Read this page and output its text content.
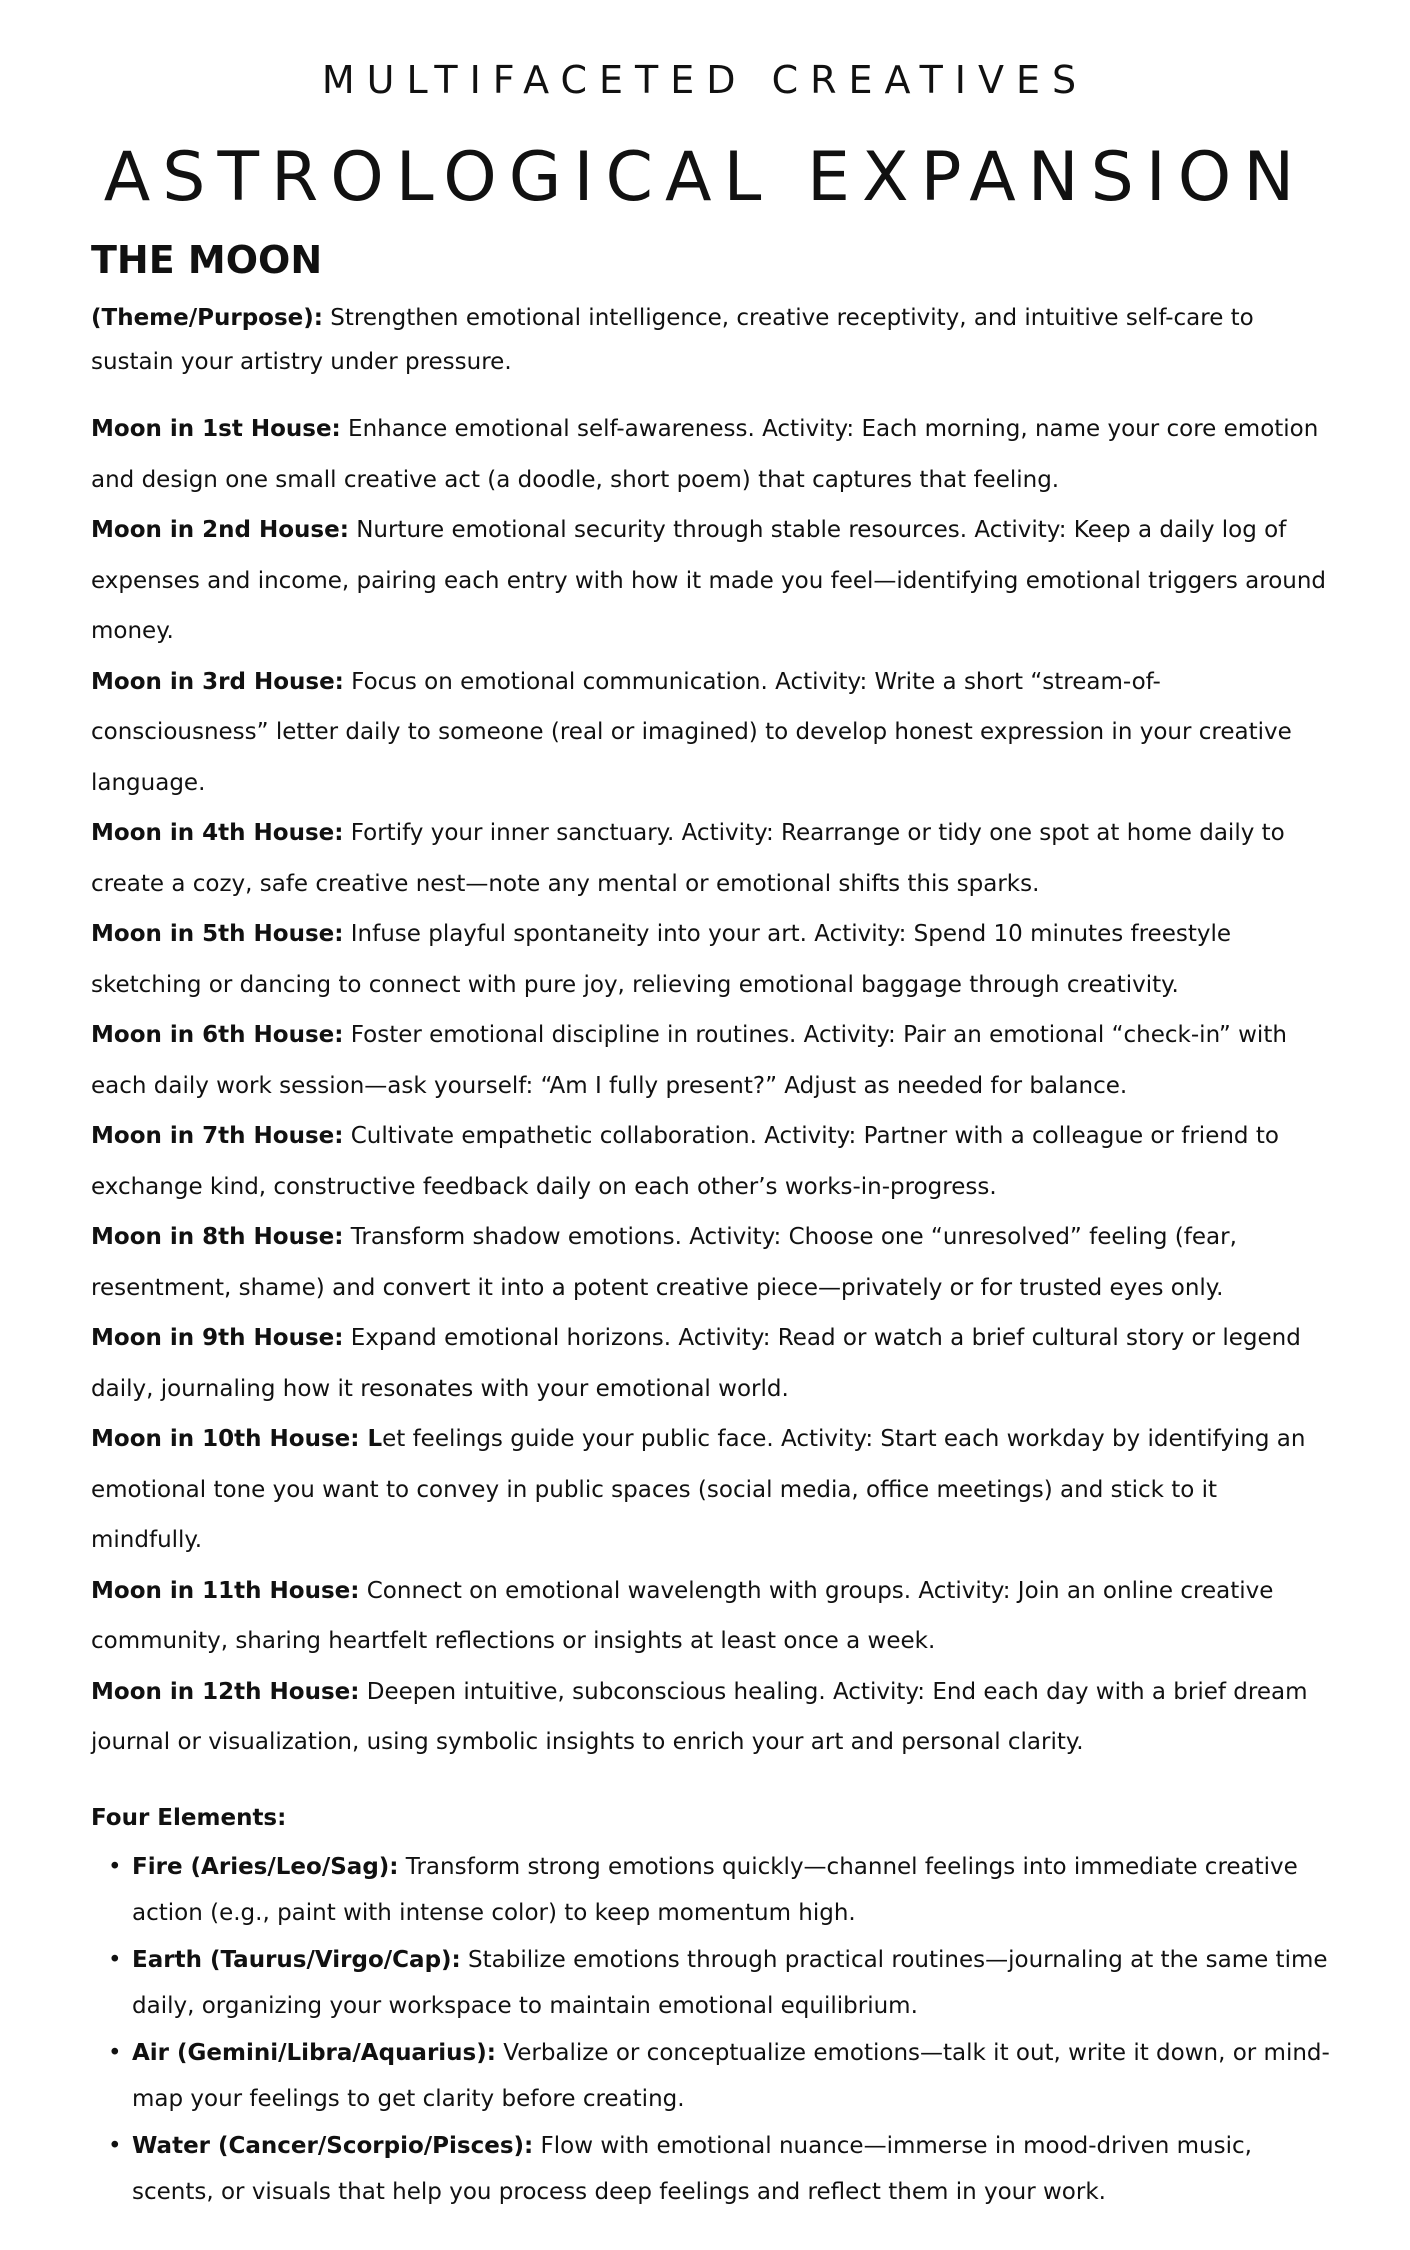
MULTIFACETED CREATIVES
ASTROLOGICAL EXPANSION
THE MOON

(Theme/Purpose): Strengthen emotional intelligence, creative receptivity, and intuitive self-care to sustain your artistry under pressure.

Moon in 1st House: Enhance emotional self-awareness. Activity: Each morning, name your core emotion and design one small creative act (a doodle, short poem) that captures that feeling.

Moon in 2nd House: Nurture emotional security through stable resources. Activity: Keep a daily log of expenses and income, pairing each entry with how it made you feel—identifying emotional triggers around money.

Moon in 3rd House: Focus on emotional communication. Activity: Write a short “stream-of-consciousness” letter daily to someone (real or imagined) to develop honest expression in your creative language.

Moon in 4th House: Fortify your inner sanctuary. Activity: Rearrange or tidy one spot at home daily to create a cozy, safe creative nest—note any mental or emotional shifts this sparks.

Moon in 5th House: Infuse playful spontaneity into your art. Activity: Spend 10 minutes freestyle sketching or dancing to connect with pure joy, relieving emotional baggage through creativity.

Moon in 6th House: Foster emotional discipline in routines. Activity: Pair an emotional “check-in” with each daily work session—ask yourself: “Am I fully present?” Adjust as needed for balance.

Moon in 7th House: Cultivate empathetic collaboration. Activity: Partner with a colleague or friend to exchange kind, constructive feedback daily on each other’s works-in-progress.

Moon in 8th House: Transform shadow emotions. Activity: Choose one “unresolved” feeling (fear, resentment, shame) and convert it into a potent creative piece—privately or for trusted eyes only.

Moon in 9th House: Expand emotional horizons. Activity: Read or watch a brief cultural story or legend daily, journaling how it resonates with your emotional world.

Moon in 10th House: Let feelings guide your public face. Activity: Start each workday by identifying an emotional tone you want to convey in public spaces (social media, office meetings) and stick to it mindfully.

Moon in 11th House: Connect on emotional wavelength with groups. Activity: Join an online creative community, sharing heartfelt reflections or insights at least once a week.

Moon in 12th House: Deepen intuitive, subconscious healing. Activity: End each day with a brief dream journal or visualization, using symbolic insights to enrich your art and personal clarity.

Four Elements:

• Fire (Aries/Leo/Sag): Transform strong emotions quickly—channel feelings into immediate creative action (e.g., paint with intense color) to keep momentum high.
• Earth (Taurus/Virgo/Cap): Stabilize emotions through practical routines—journaling at the same time daily, organizing your workspace to maintain emotional equilibrium.
• Air (Gemini/Libra/Aquarius): Verbalize or conceptualize emotions—talk it out, write it down, or mind-map your feelings to get clarity before creating.
• Water (Cancer/Scorpio/Pisces): Flow with emotional nuance—immerse in mood-driven music, scents, or visuals that help you process deep feelings and reflect them in your work.
